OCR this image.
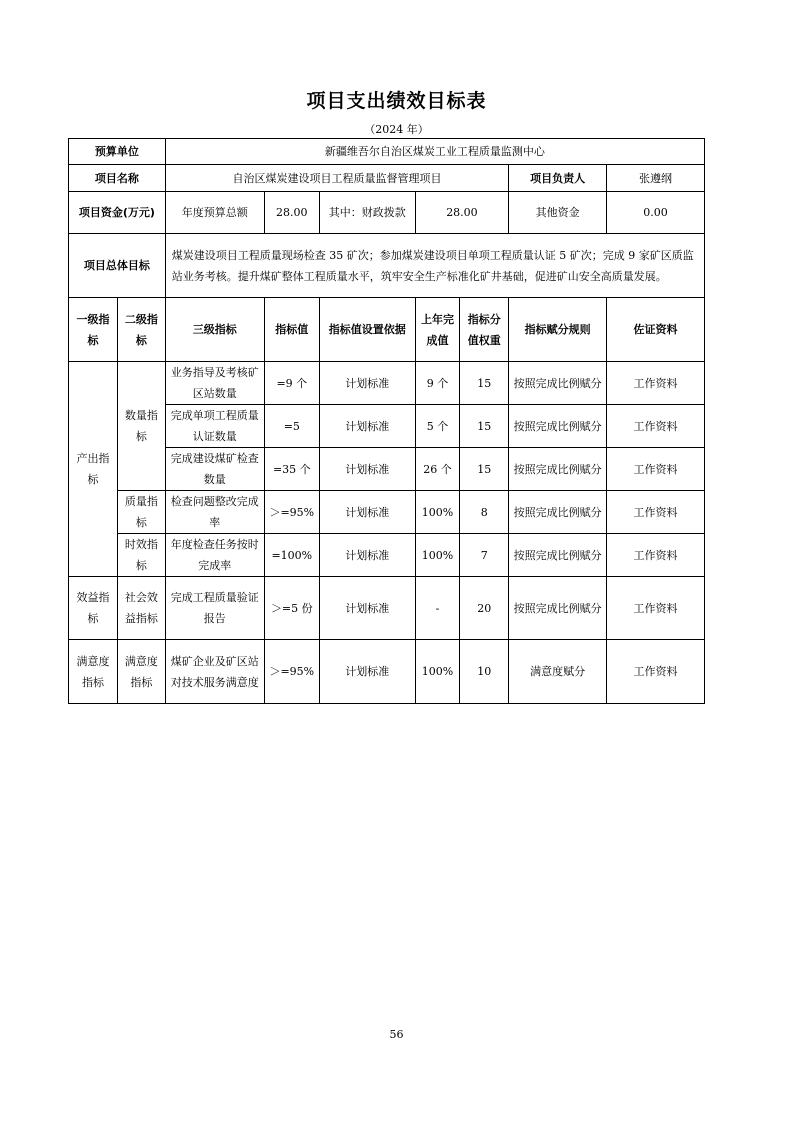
项目支出绩效目标表
（2024 年）
预算单位		新疆维吾尔自治区煤炭工业工程质量监测中心						
项目名称		自治区煤炭建设项目工程质量监督管理项目					项目负责人	张遵纲
项目资金(万元)		年度预算总额	28.00	其中：财政拨款	28.00		其他资金	0.00
项目总体目标		煤炭建设项目工程质量现场检查 35 矿次；参加煤炭建设项目单项工程质量认证 5 矿次；完成 9 家矿区质监站业务考核。提升煤矿整体工程质量水平，筑牢安全生产标准化矿井基础，促进矿山安全高质量发展。						
一级指标	二级指标	三级指标	指标值	指标值设置依据	上年完成值	指标分值权重	指标赋分规则	佐证资料
产出指标	数量指标	业务指导及考核矿区站数量	=9 个	计划标准	9 个	15	按照完成比例赋分	工作资料
		完成单项工程质量认证数量	=5	计划标准	5 个	15	按照完成比例赋分	工作资料
		完成建设煤矿检查数量	=35 个	计划标准	26 个	15	按照完成比例赋分	工作资料
	质量指标	检查问题整改完成率	＞=95%	计划标准	100%	8	按照完成比例赋分	工作资料
	时效指标	年度检查任务按时完成率	=100%	计划标准	100%	7	按照完成比例赋分	工作资料
效益指标	社会效益指标	完成工程质量验证报告	＞=5 份	计划标准	-	20	按照完成比例赋分	工作资料
满意度指标	满意度指标	煤矿企业及矿区站对技术服务满意度	＞=95%	计划标准	100%	10	满意度赋分	工作资料
56
